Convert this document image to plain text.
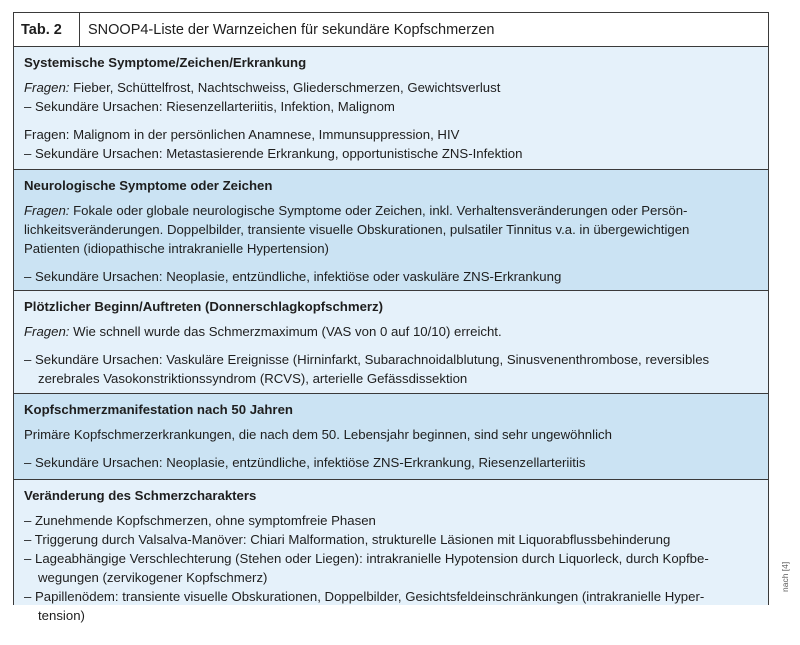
Tab. 2	SNOOP4-Liste der Warnzeichen für sekundäre Kopfschmerzen
Systemische Symptome/Zeichen/Erkrankung

Fragen: Fieber, Schüttelfrost, Nachtschweiss, Gliederschmerzen, Gewichtsverlust

– Sekundäre Ursachen: Riesenzellarteriitis, Infektion, Malignom

Fragen: Malignom in der persönlichen Anamnese, Immunsuppression, HIV

– Sekundäre Ursachen: Metastasierende Erkrankung, opportunistische ZNS-Infektion

Neurologische Symptome oder Zeichen

Fragen: Fokale oder globale neurologische Symptome oder Zeichen, inkl. Verhaltensveränderungen oder Persön-

lichkeitsveränderungen. Doppelbilder, transiente visuelle Obskurationen, pulsatiler Tinnitus v.a. in übergewichtigen

Patienten (idiopathische intrakranielle Hypertension)

– Sekundäre Ursachen: Neoplasie, entzündliche, infektiöse oder vaskuläre ZNS-Erkrankung

Plötzlicher Beginn/Auftreten (Donnerschlagkopfschmerz)

Fragen: Wie schnell wurde das Schmerzmaximum (VAS von 0 auf 10/10) erreicht.

– Sekundäre Ursachen: Vaskuläre Ereignisse (Hirninfarkt, Subarachnoidalblutung, Sinusvenenthrombose, reversibles

zerebrales Vasokonstriktionssyndrom (RCVS), arterielle Gefässdissektion

Kopfschmerzmanifestation nach 50 Jahren

Primäre Kopfschmerzerkrankungen, die nach dem 50. Lebensjahr beginnen, sind sehr ungewöhnlich

– Sekundäre Ursachen: Neoplasie, entzündliche, infektiöse ZNS-Erkrankung, Riesenzellarteriitis

Veränderung des Schmerzcharakters

– Zunehmende Kopfschmerzen, ohne symptomfreie Phasen

– Triggerung durch Valsalva-Manöver: Chiari Malformation, strukturelle Läsionen mit Liquorabflussbehinderung

– Lageabhängige Verschlechterung (Stehen oder Liegen): intrakranielle Hypotension durch Liquorleck, durch Kopfbe-

wegungen (zervikogener Kopfschmerz)

– Papillenödem: transiente visuelle Obskurationen, Doppelbilder, Gesichtsfeldeinschränkungen (intrakranielle Hyper-

tension)

nach [4]
